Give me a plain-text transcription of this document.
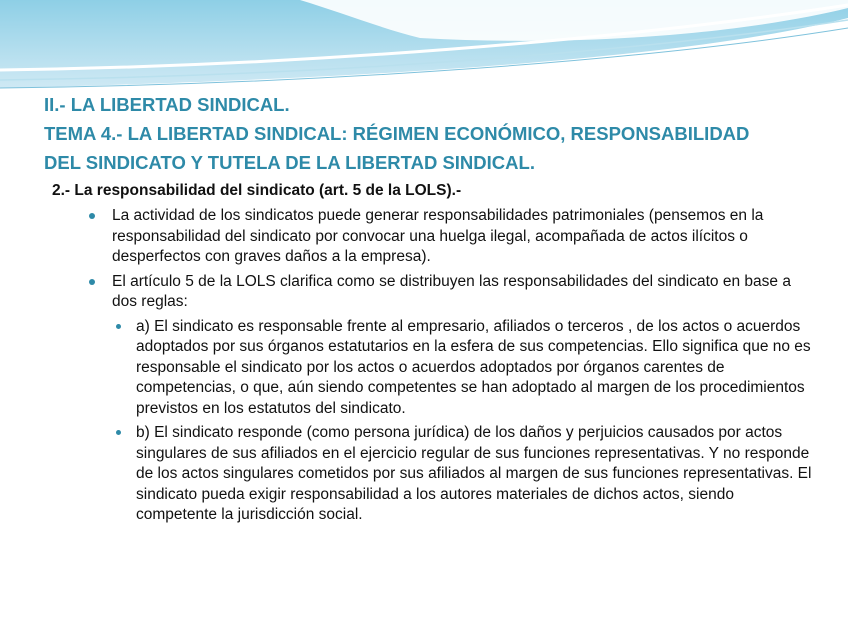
II.- LA LIBERTAD SINDICAL.
TEMA 4.- LA LIBERTAD SINDICAL: RÉGIMEN ECONÓMICO, RESPONSABILIDAD
DEL SINDICATO Y TUTELA DE LA LIBERTAD SINDICAL.
2.- La responsabilidad del sindicato (art. 5 de la LOLS).-
La actividad de los sindicatos puede generar responsabilidades patrimoniales (pensemos en la responsabilidad del sindicato por convocar una huelga ilegal, acompañada de actos ilícitos o desperfectos con graves daños a la empresa).
El artículo 5 de la LOLS clarifica como se distribuyen las responsabilidades del sindicato en base a dos reglas:
a) El sindicato es responsable frente al empresario, afiliados o terceros , de los actos o acuerdos adoptados por sus órganos estatutarios en la esfera de sus competencias. Ello significa que no es responsable el sindicato por los actos o acuerdos adoptados por órganos carentes de competencias, o que, aún siendo competentes se han adoptado al margen de los procedimientos previstos en los estatutos del sindicato.
b) El sindicato responde (como persona jurídica) de los daños y perjuicios causados por actos singulares de sus afiliados en el ejercicio regular de sus funciones representativas. Y no responde de los actos singulares cometidos por sus afiliados al margen de sus funciones representativas. El sindicato pueda exigir responsabilidad a los autores materiales de dichos actos, siendo competente la jurisdicción social.
